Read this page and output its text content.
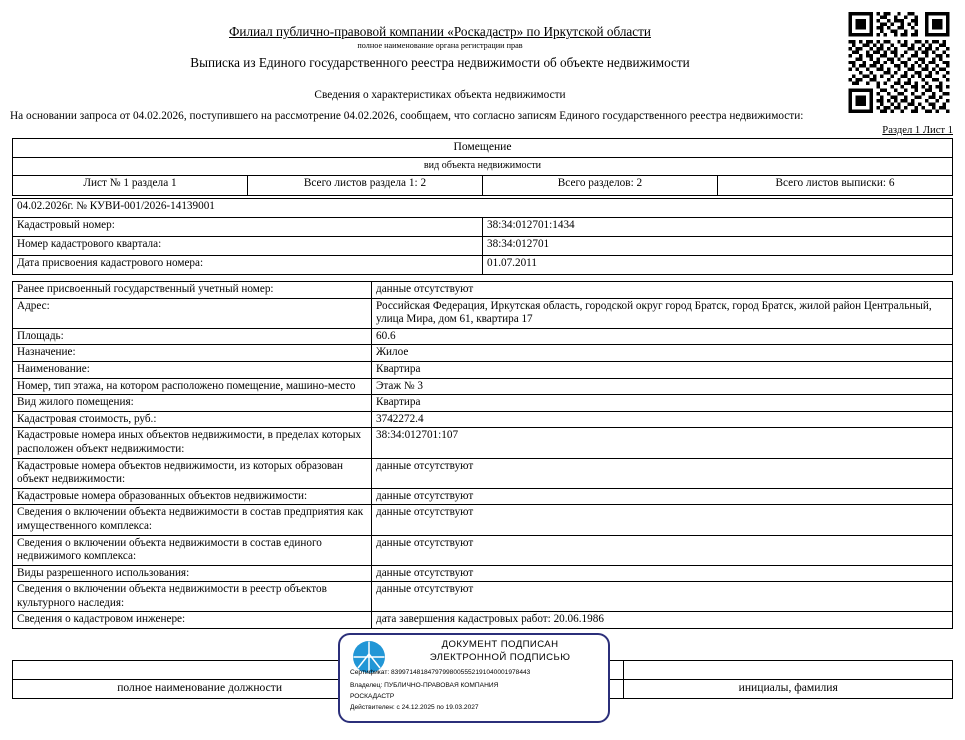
Филиал публично-правовой компании «Роскадастр» по Иркутской области
полное наименование органа регистрации прав
Выписка из Единого государственного реестра недвижимости об объекте недвижимости
Сведения о характеристиках объекта недвижимости
На основании запроса от 04.02.2026, поступившего на рассмотрение 04.02.2026, сообщаем, что согласно записям Единого государственного реестра недвижимости:
Раздел 1 Лист 1
Помещение
вид объекта недвижимости
Лист № 1 раздела 1	Всего листов раздела 1: 2	Всего разделов: 2	Всего листов выписки: 6
04.02.2026г. № КУВИ-001/2026-14139001	
Кадастровый номер:	38:34:012701:1434
Номер кадастрового квартала:	38:34:012701
Дата присвоения кадастрового номера:	01.07.2011
Ранее присвоенный государственный учетный номер:	данные отсутствуют
Адрес:	Российская Федерация, Иркутская область, городской округ город Братск, город Братск, жилой район Центральный, улица Мира, дом 61, квартира 17
Площадь:	60.6
Назначение:	Жилое
Наименование:	Квартира
Номер, тип этажа, на котором расположено помещение, машино-место	Этаж № 3
Вид жилого помещения:	Квартира
Кадастровая стоимость, руб.:	3742272.4
Кадастровые номера иных объектов недвижимости, в пределах которых расположен объект недвижимости:	38:34:012701:107
Кадастровые номера объектов недвижимости, из которых образован объект недвижимости:	данные отсутствуют
Кадастровые номера образованных объектов недвижимости:	данные отсутствуют
Сведения о включении объекта недвижимости в состав предприятия как имущественного комплекса:	данные отсутствуют
Сведения о включении объекта недвижимости в состав единого недвижимого комплекса:	данные отсутствуют
Виды разрешенного использования:	данные отсутствуют
Сведения о включении объекта недвижимости в реестр объектов культурного наследия:	данные отсутствуют
Сведения о кадастровом инженере:	дата завершения кадастровых работ: 20.06.1986

полное наименование должности		инициалы, фамилия
ДОКУМЕНТ ПОДПИСАН
ЭЛЕКТРОННОЙ ПОДПИСЬЮ
Сертификат: 83997148184797998005552191040001978443
Владелец: ПУБЛИЧНО-ПРАВОВАЯ КОМПАНИЯ
РОСКАДАСТР
Действителен: с 24.12.2025 по 19.03.2027
